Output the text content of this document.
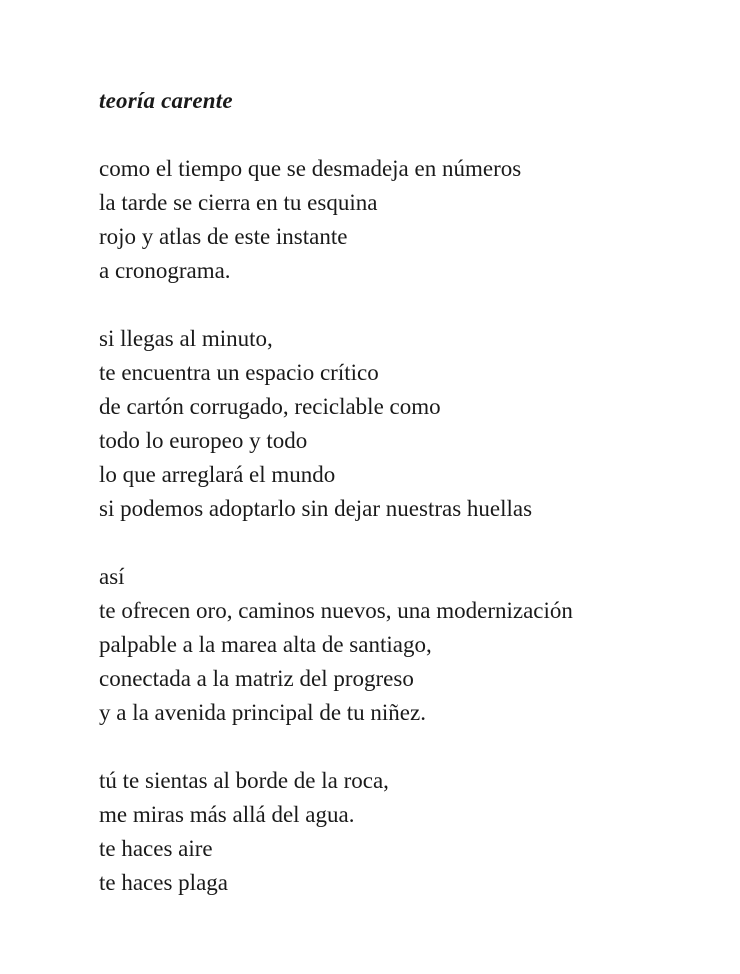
teoría carente
como el tiempo que se desmadeja en números
la tarde se cierra en tu esquina
rojo y atlas de este instante
a cronograma.
si llegas al minuto,
te encuentra un espacio crítico
de cartón corrugado, reciclable como
todo lo europeo y todo
lo que arreglará el mundo
si podemos adoptarlo sin dejar nuestras huellas
así
te ofrecen oro, caminos nuevos, una modernización
palpable a la marea alta de santiago,
conectada a la matriz del progreso
y a la avenida principal de tu niñez.
tú te sientas al borde de la roca,
me miras más allá del agua.
te haces aire
te haces plaga
